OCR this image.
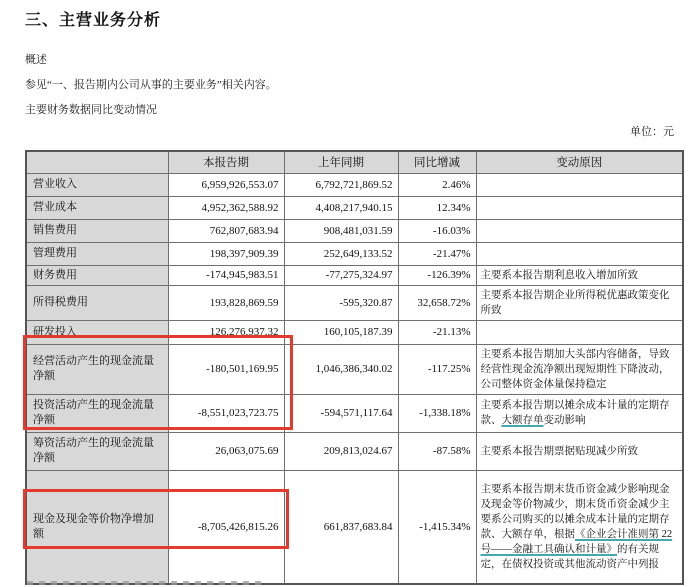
三、主营业务分析

概述

参见“一、报告期内公司从事的主要业务”相关内容。

主要财务数据同比变动情况

单位：元

	本报告期	上年同期	同比增减	变动原因
营业收入	6,959,926,553.07	6,792,721,869.52	2.46%	
营业成本	4,952,362,588.92	4,408,217,940.15	12.34%	
销售费用	762,807,683.94	908,481,031.59	-16.03%	
管理费用	198,397,909.39	252,649,133.52	-21.47%	
财务费用	-174,945,983.51	-77,275,324.97	-126.39%	主要系本报告期利息收入增加所致
所得税费用	193,828,869.59	-595,320.87	32,658.72%	主要系本报告期企业所得税优惠政策变化所致
研发投入	126,276,937.32	160,105,187.39	-21.13%	
经营活动产生的现金流量净额	-180,501,169.95	1,046,386,340.02	-117.25%	主要系本报告期加大头部内容储备，导致经营性现金流净额出现短期性下降波动，公司整体资金体量保持稳定
投资活动产生的现金流量净额	-8,551,023,723.75	-594,571,117.64	-1,338.18%	主要系本报告期以摊余成本计量的定期存款、大额存单变动影响
筹资活动产生的现金流量净额	26,063,075.69	209,813,024.67	-87.58%	主要系本报告期票据贴现减少所致
现金及现金等价物净增加额	-8,705,426,815.26	661,837,683.84	-1,415.34%	主要系本报告期末货币资金减少影响现金及现金等价物减少，期末货币资金减少主要系公司购买的以摊余成本计量的定期存款、大额存单，根据《企业会计准则第 22 号——金融工具确认和计量》的有关规定，在债权投资或其他流动资产中列报
